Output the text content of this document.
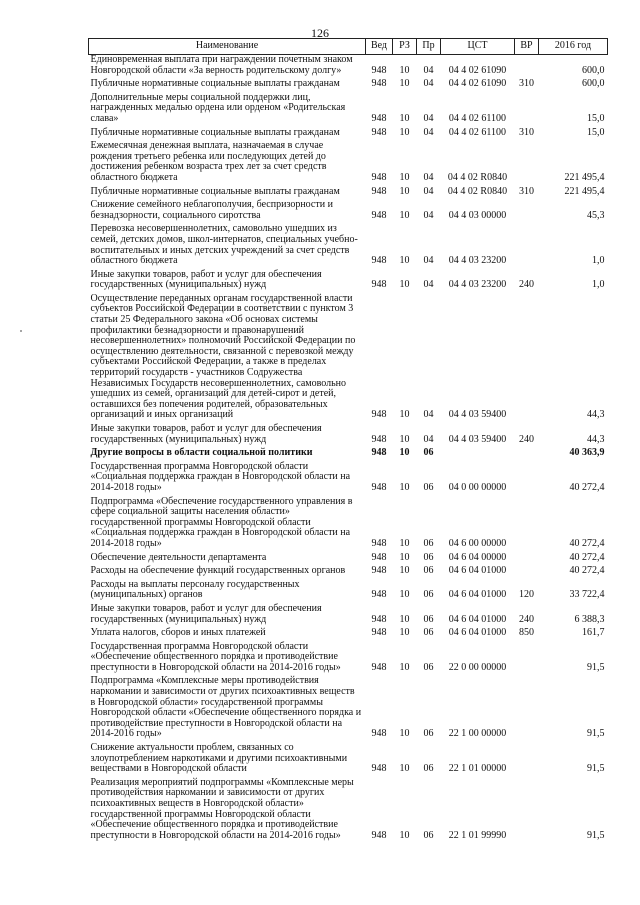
126
Наименование	Вед	РЗ	Пр	ЦСТ	ВР	2016 год
Единовременная выплата при награждении почетным знаком Новгородской области «За верность родительскому долгу»	948	10	04	04 4 02 61090		600,0
Публичные нормативные социальные выплаты гражданам	948	10	04	04 4 02 61090	310	600,0
Дополнительные меры социальной поддержки лиц, награжденных медалью ордена или орденом «Родительская слава»	948	10	04	04 4 02 61100		15,0
Публичные нормативные социальные выплаты гражданам	948	10	04	04 4 02 61100	310	15,0
Ежемесячная денежная выплата, назначаемая в случае рождения третьего ребенка или последующих детей до достижения ребенком возраста трех лет за счет средств областного бюджета	948	10	04	04 4 02 R0840		221 495,4
Публичные нормативные социальные выплаты гражданам	948	10	04	04 4 02 R0840	310	221 495,4
Снижение семейного неблагополучия, беспризорности и безнадзорности, социального сиротства	948	10	04	04 4 03 00000		45,3
Перевозка несовершеннолетних, самовольно ушедших из семей, детских домов, школ-интернатов, специальных учебно-воспитательных и иных детских учреждений за счет средств областного бюджета	948	10	04	04 4 03 23200		1,0
Иные закупки товаров, работ и услуг для обеспечения государственных (муниципальных) нужд	948	10	04	04 4 03 23200	240	1,0
Осуществление переданных органам государственной власти субъектов Российской Федерации в соответствии с пунктом 3 статьи 25 Федерального закона «Об основах системы профилактики безнадзорности и правонарушений несовершеннолетних» полномочий Российской Федерации по осуществлению деятельности, связанной с перевозкой между субъектами Российской Федерации, а также в пределах территорий государств - участников Содружества Независимых Государств несовершеннолетних, самовольно ушедших из семей, организаций для детей-сирот и детей, оставшихся без попечения родителей, образовательных организаций и иных организаций	948	10	04	04 4 03 59400		44,3
Иные закупки товаров, работ и услуг для обеспечения государственных (муниципальных) нужд	948	10	04	04 4 03 59400	240	44,3
Другие вопросы в области социальной политики	948	10	06			40 363,9
Государственная программа Новгородской области «Социальная поддержка граждан в Новгородской области на 2014-2018 годы»	948	10	06	04 0 00 00000		40 272,4
Подпрограмма «Обеспечение государственного управления в сфере социальной защиты населения области» государственной программы Новгородской области «Социальная поддержка граждан в Новгородской области на 2014-2018 годы»	948	10	06	04 6 00 00000		40 272,4
Обеспечение деятельности департамента	948	10	06	04 6 04 00000		40 272,4
Расходы на обеспечение функций государственных органов	948	10	06	04 6 04 01000		40 272,4
Расходы на выплаты персоналу государственных (муниципальных) органов	948	10	06	04 6 04 01000	120	33 722,4
Иные закупки товаров, работ и услуг для обеспечения государственных (муниципальных) нужд	948	10	06	04 6 04 01000	240	6 388,3
Уплата налогов, сборов и иных платежей	948	10	06	04 6 04 01000	850	161,7
Государственная программа Новгородской области «Обеспечение общественного порядка и противодействие преступности в Новгородской области на 2014-2016 годы»	948	10	06	22 0 00 00000		91,5
Подпрограмма «Комплексные меры противодействия наркомании и зависимости от других психоактивных веществ в Новгородской области» государственной программы Новгородской области «Обеспечение общественного порядка и противодействие преступности в Новгородской области на 2014-2016 годы»	948	10	06	22 1 00 00000		91,5
Снижение актуальности проблем, связанных со злоупотреблением наркотиками и другими психоактивными веществами в Новгородской области	948	10	06	22 1 01 00000		91,5
Реализация мероприятий подпрограммы «Комплексные меры противодействия наркомании и зависимости от других психоактивных веществ в Новгородской области» государственной программы Новгородской области «Обеспечение общественного порядка и противодействие преступности в Новгородской области на 2014-2016 годы»	948	10	06	22 1 01 99990		91,5
